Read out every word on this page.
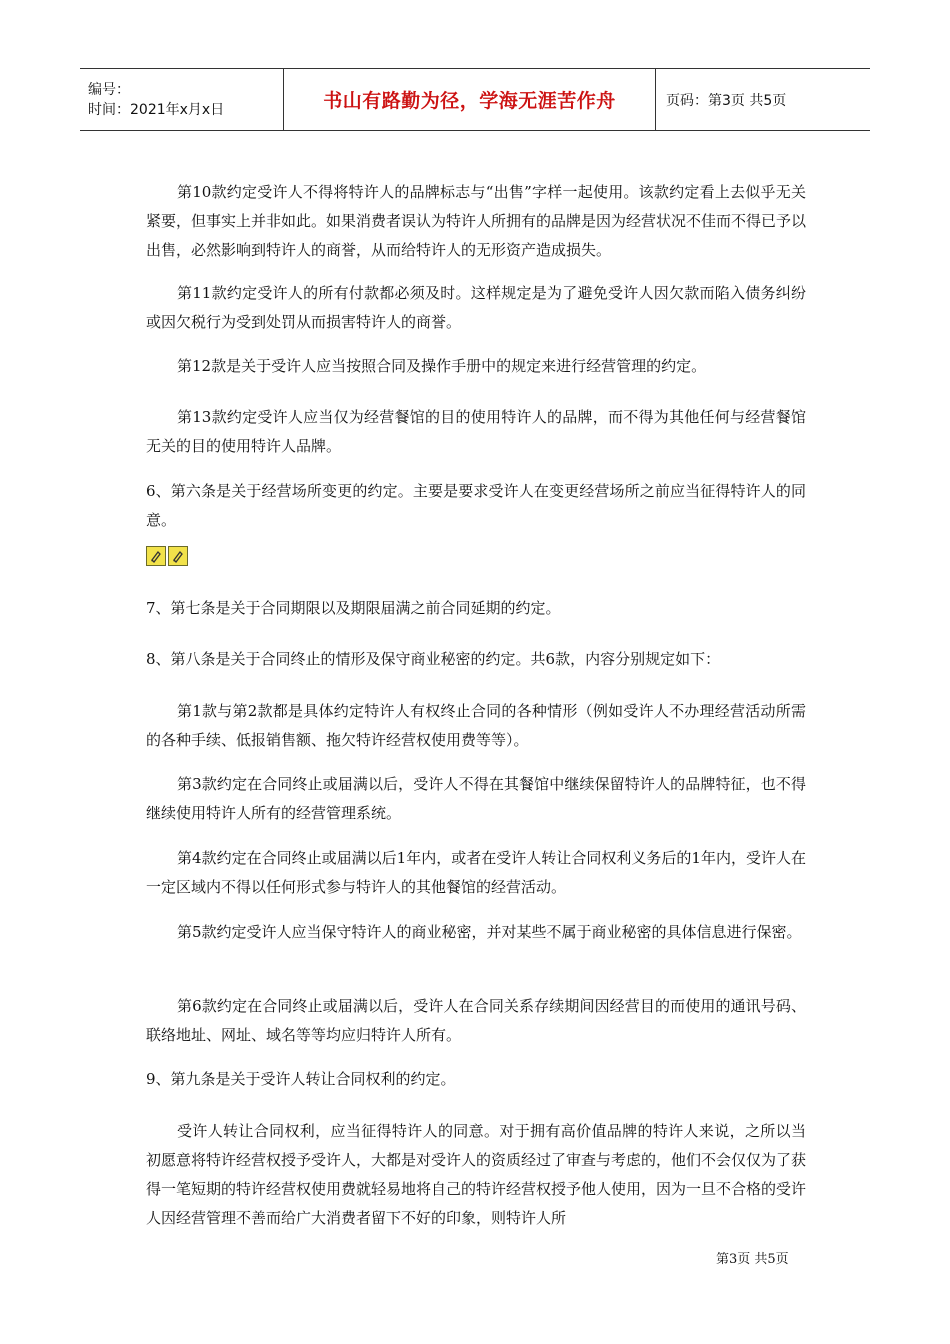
编号：
时间：2021年x月x日	书山有路勤为径，学海无涯苦作舟	页码：第3页 共5页

第10款约定受许人不得将特许人的品牌标志与“出售”字样一起使用。该款约定看上去似乎无关紧要，但事实上并非如此。如果消费者误认为特许人所拥有的品牌是因为经营状况不佳而不得已予以出售，必然影响到特许人的商誉，从而给特许人的无形资产造成损失。

第11款约定受许人的所有付款都必须及时。这样规定是为了避免受许人因欠款而陷入债务纠纷或因欠税行为受到处罚从而损害特许人的商誉。

第12款是关于受许人应当按照合同及操作手册中的规定来进行经营管理的约定。

第13款约定受许人应当仅为经营餐馆的目的使用特许人的品牌，而不得为其他任何与经营餐馆无关的目的使用特许人品牌。

6、第六条是关于经营场所变更的约定。主要是要求受许人在变更经营场所之前应当征得特许人的同意。

7、第七条是关于合同期限以及期限届满之前合同延期的约定。

8、第八条是关于合同终止的情形及保守商业秘密的约定。共6款，内容分别规定如下：

第1款与第2款都是具体约定特许人有权终止合同的各种情形（例如受许人不办理经营活动所需的各种手续、低报销售额、拖欠特许经营权使用费等等）。

第3款约定在合同终止或届满以后，受许人不得在其餐馆中继续保留特许人的品牌特征，也不得继续使用特许人所有的经营管理系统。

第4款约定在合同终止或届满以后1年内，或者在受许人转让合同权利义务后的1年内，受许人在一定区域内不得以任何形式参与特许人的其他餐馆的经营活动。

第5款约定受许人应当保守特许人的商业秘密，并对某些不属于商业秘密的具体信息进行保密。

第6款约定在合同终止或届满以后，受许人在合同关系存续期间因经营目的而使用的通讯号码、联络地址、网址、域名等等均应归特许人所有。

9、第九条是关于受许人转让合同权利的约定。

受许人转让合同权利，应当征得特许人的同意。对于拥有高价值品牌的特许人来说，之所以当初愿意将特许经营权授予受许人，大都是对受许人的资质经过了审查与考虑的，他们不会仅仅为了获得一笔短期的特许经营权使用费就轻易地将自己的特许经营权授予他人使用，因为一旦不合格的受许人因经营管理不善而给广大消费者留下不好的印象，则特许人所

第3页 共5页
